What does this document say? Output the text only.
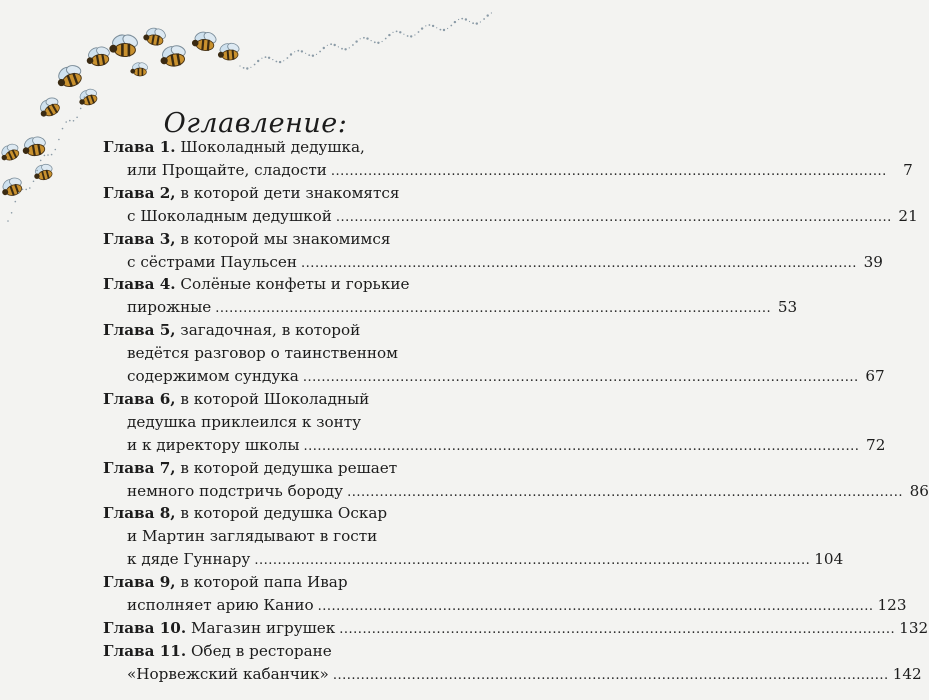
Оглавление:
Глава 1. Шоколадный дедушка,
или Прощайте, сладости ........................................................................................................................	7
Глава 2, в которой дети знакомятся
с Шоколадным дедушкой ........................................................................................................................ 21
Глава 3, в которой мы знакомимся
с сёстрами Паульсен ........................................................................................................................ 39
Глава 4. Солёные конфеты и горькие
пирожные ........................................................................................................................ 53
Глава 5, загадочная, в которой
ведётся разговор о таинственном
содержимом сундука ........................................................................................................................ 67
Глава 6, в которой Шоколадный
дедушка приклеился к зонту
и к директору школы ........................................................................................................................ 72
Глава 7, в которой дедушка решает
немного подстричь бороду ........................................................................................................................ 86
Глава 8, в которой дедушка Оскар
и Мартин заглядывают в гости
к дяде Гуннару ........................................................................................................................ 104
Глава 9, в которой папа Ивар
исполняет арию Канио ........................................................................................................................ 123
Глава 10. Магазин игрушек ........................................................................................................................ 132
Глава 11. Обед в ресторане
«Норвежский кабанчик» ........................................................................................................................ 142
